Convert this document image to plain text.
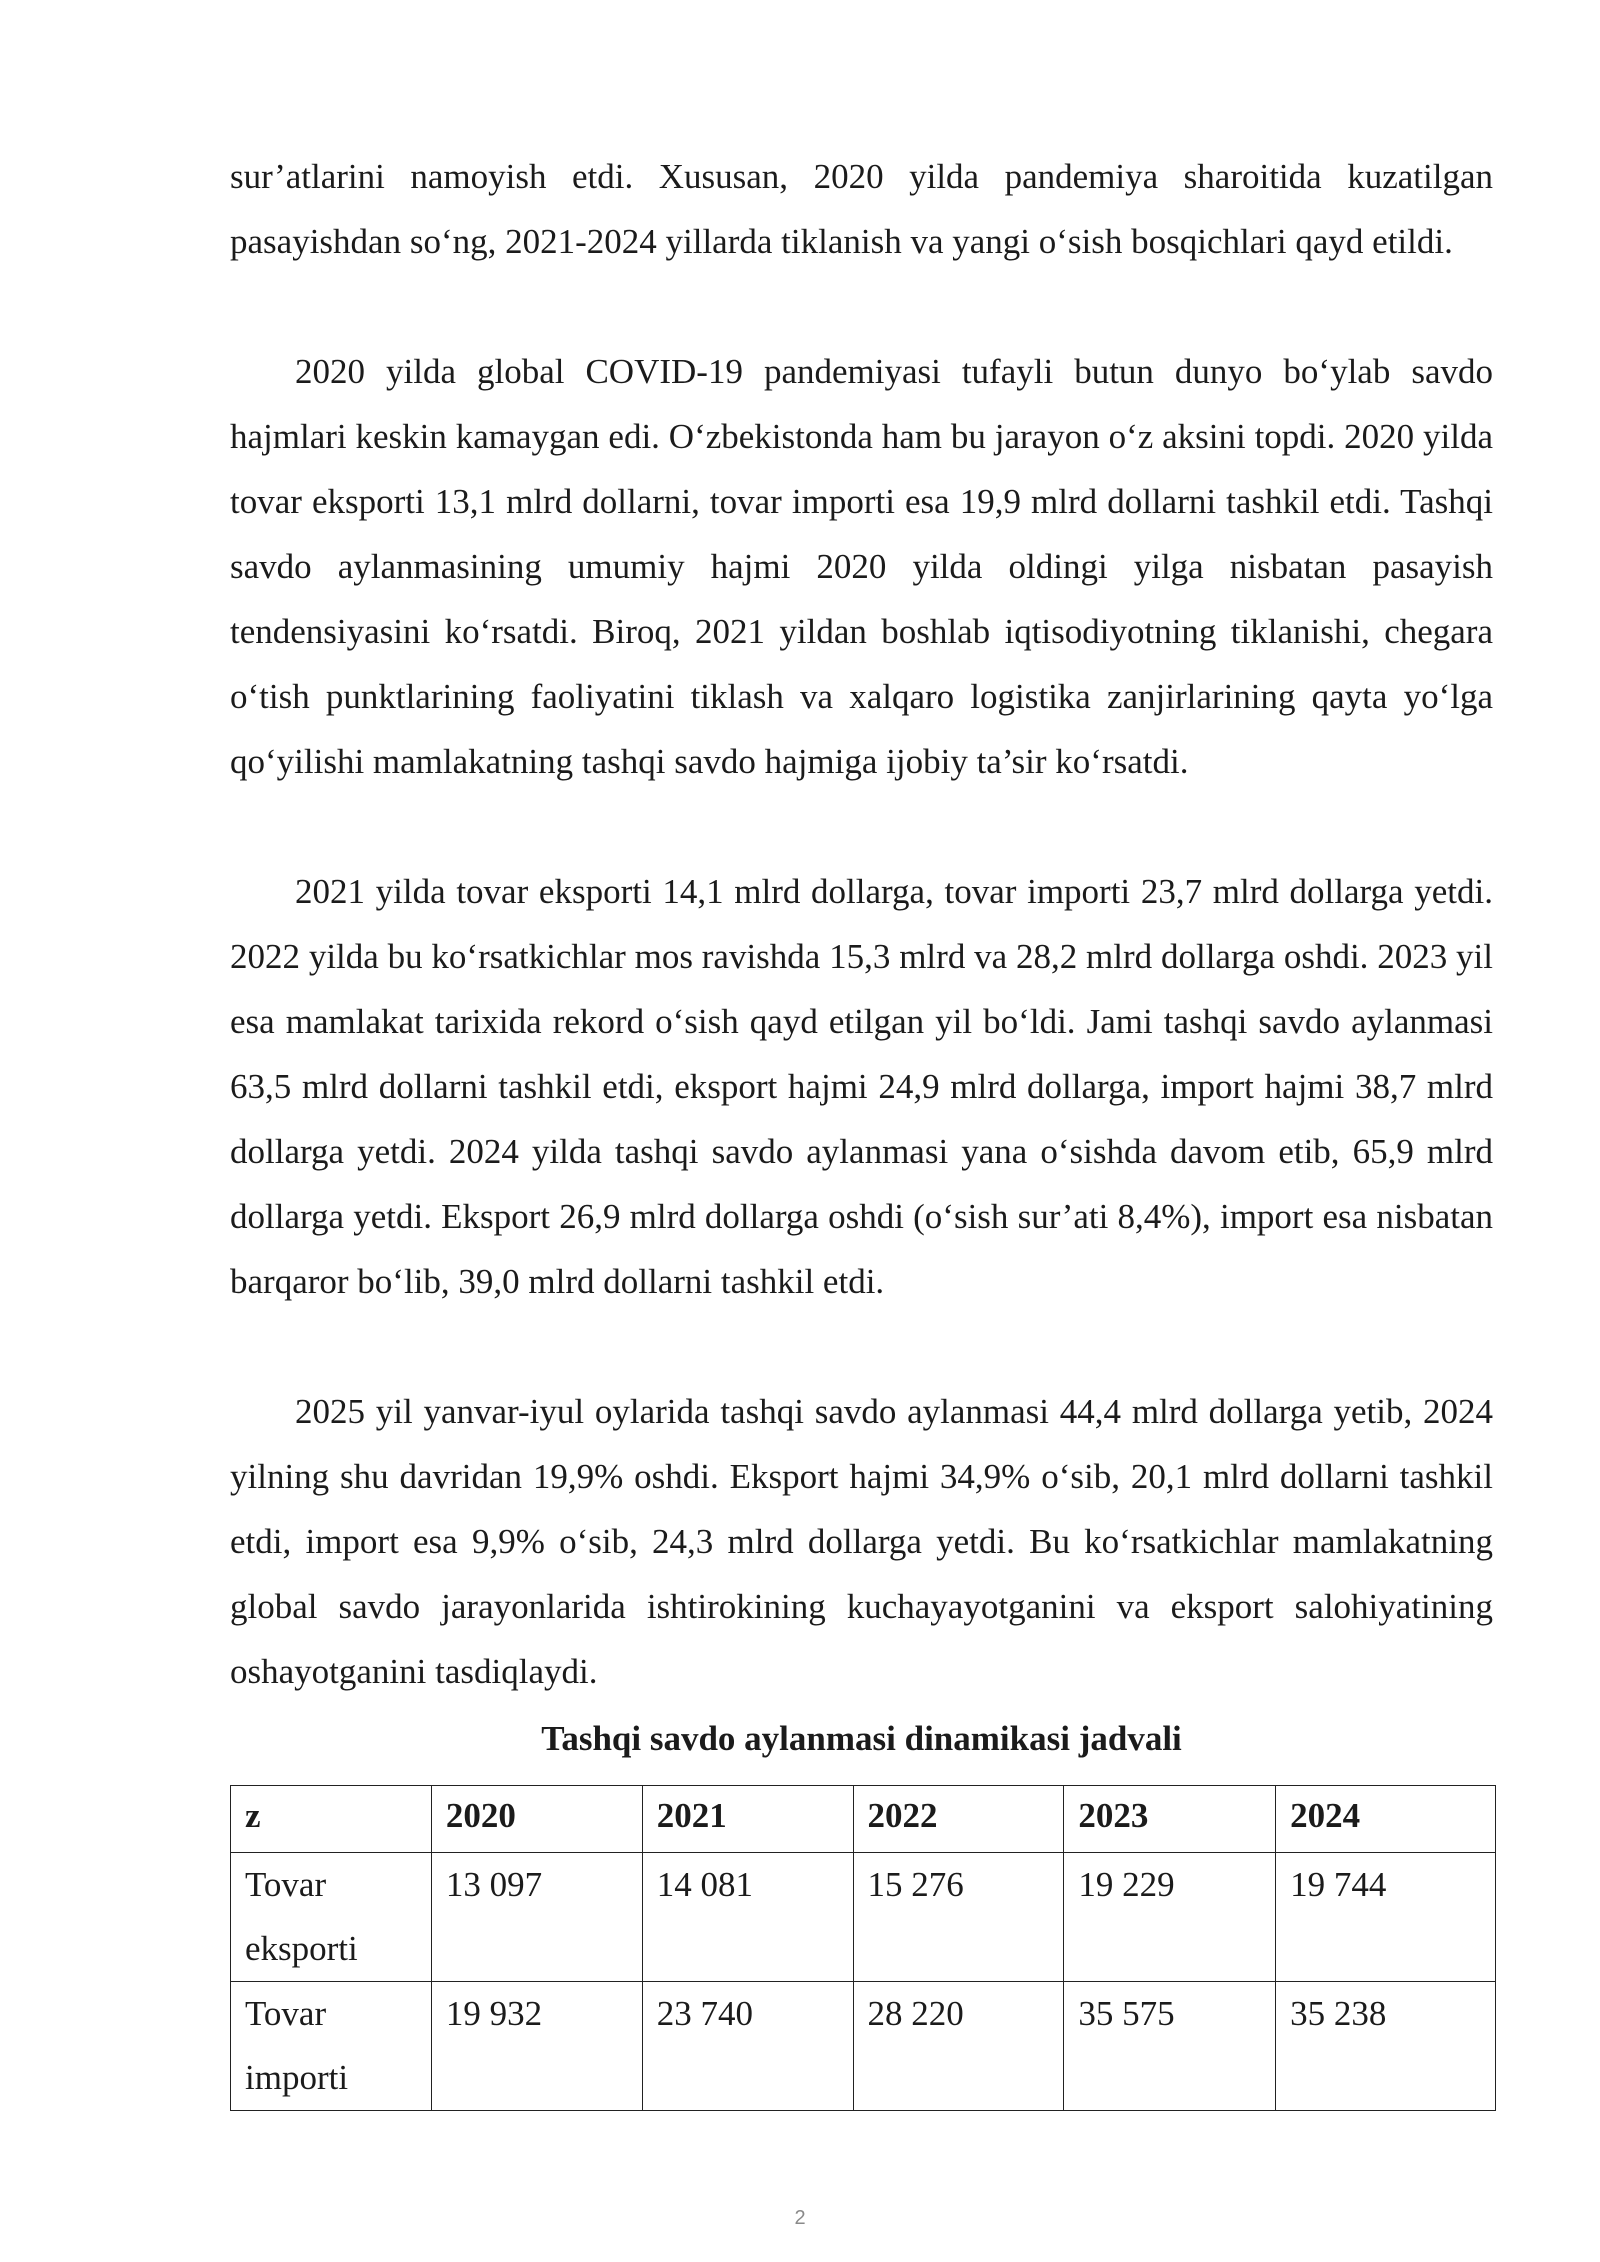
sur’atlarini namoyish etdi. Xususan, 2020 yilda pandemiya sharoitida kuzatilgan pasayishdan so‘ng, 2021-2024 yillarda tiklanish va yangi o‘sish bosqichlari qayd etildi.

2020 yilda global COVID-19 pandemiyasi tufayli butun dunyo bo‘ylab savdo hajmlari keskin kamaygan edi. O‘zbekistonda ham bu jarayon o‘z aksini topdi. 2020 yilda tovar eksporti 13,1 mlrd dollarni, tovar importi esa 19,9 mlrd dollarni tashkil etdi. Tashqi savdo aylanmasining umumiy hajmi 2020 yilda oldingi yilga nisbatan pasayish tendensiyasini ko‘rsatdi. Biroq, 2021 yildan boshlab iqtisodiyotning tiklanishi, chegara o‘tish punktlarining faoliyatini tiklash va xalqaro logistika zanjirlarining qayta yo‘lga qo‘yilishi mamlakatning tashqi savdo hajmiga ijobiy ta’sir ko‘rsatdi.

2021 yilda tovar eksporti 14,1 mlrd dollarga, tovar importi 23,7 mlrd dollarga yetdi. 2022 yilda bu ko‘rsatkichlar mos ravishda 15,3 mlrd va 28,2 mlrd dollarga oshdi. 2023 yil esa mamlakat tarixida rekord o‘sish qayd etilgan yil bo‘ldi. Jami tashqi savdo aylanmasi 63,5 mlrd dollarni tashkil etdi, eksport hajmi 24,9 mlrd dollarga, import hajmi 38,7 mlrd dollarga yetdi. 2024 yilda tashqi savdo aylanmasi yana o‘sishda davom etib, 65,9 mlrd dollarga yetdi. Eksport 26,9 mlrd dollarga oshdi (o‘sish sur’ati 8,4%), import esa nisbatan barqaror bo‘lib, 39,0 mlrd dollarni tashkil etdi.

2025 yil yanvar-iyul oylarida tashqi savdo aylanmasi 44,4 mlrd dollarga yetib, 2024 yilning shu davridan 19,9% oshdi. Eksport hajmi 34,9% o‘sib, 20,1 mlrd dollarni tashkil etdi, import esa 9,9% o‘sib, 24,3 mlrd dollarga yetdi. Bu ko‘rsatkichlar mamlakatning global savdo jarayonlarida ishtirokining kuchayayotganini va eksport salohiyatining oshayotganini tasdiqlaydi.

Tashqi savdo aylanmasi dinamikasi jadvali

z	2020	2021	2022	2023	2024
Tovar eksporti	13 097	14 081	15 276	19 229	19 744
Tovar importi	19 932	23 740	28 220	35 575	35 238
2
